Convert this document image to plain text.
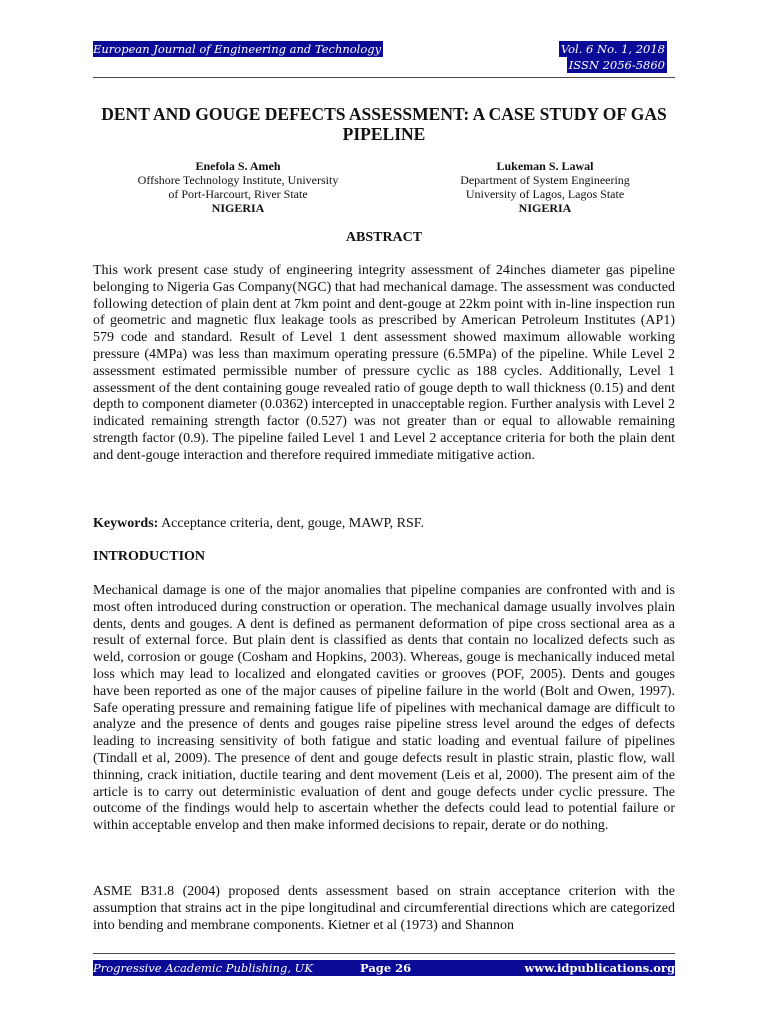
European Journal of Engineering and Technology	Vol. 6 No. 1, 2018
ISSN 2056-5860
DENT AND GOUGE DEFECTS ASSESSMENT: A CASE STUDY OF GAS PIPELINE
Enefola S. Ameh
Offshore Technology Institute, University
of Port-Harcourt, River State
NIGERIA
Lukeman S. Lawal
Department of System Engineering
University of Lagos, Lagos State
NIGERIA
ABSTRACT
This work present case study of engineering integrity assessment of 24inches diameter gas pipeline belonging to Nigeria Gas Company(NGC) that had mechanical damage. The assessment was conducted following detection of plain dent at 7km point and dent-gouge at 22km point with in-line inspection run of geometric and magnetic flux leakage tools as prescribed by American Petroleum Institutes (AP1) 579 code and standard. Result of Level 1 dent assessment showed maximum allowable working pressure (4MPa) was less than maximum operating pressure (6.5MPa) of the pipeline. While Level 2 assessment estimated permissible number of pressure cyclic as 188 cycles. Additionally, Level 1 assessment of the dent containing gouge revealed ratio of gouge depth to wall thickness (0.15) and dent depth to component diameter (0.0362) intercepted in unacceptable region. Further analysis with Level 2 indicated remaining strength factor (0.527) was not greater than or equal to allowable remaining strength factor (0.9). The pipeline failed Level 1 and Level 2 acceptance criteria for both the plain dent and dent-gouge interaction and therefore required immediate mitigative action.
Keywords: Acceptance criteria, dent, gouge, MAWP, RSF.
INTRODUCTION
Mechanical damage is one of the major anomalies that pipeline companies are confronted with and is most often introduced during construction or operation. The mechanical damage usually involves plain dents, dents and gouges. A dent is defined as permanent deformation of pipe cross sectional area as a result of external force. But plain dent is classified as dents that contain no localized defects such as weld, corrosion or gouge (Cosham and Hopkins, 2003). Whereas, gouge is mechanically induced metal loss which may lead to localized and elongated cavities or grooves (POF, 2005). Dents and gouges have been reported as one of the major causes of pipeline failure in the world (Bolt and Owen, 1997). Safe operating pressure and remaining fatigue life of pipelines with mechanical damage are difficult to analyze and the presence of dents and gouges raise pipeline stress level around the edges of defects leading to increasing sensitivity of both fatigue and static loading and eventual failure of pipelines (Tindall et al, 2009). The presence of dent and gouge defects result in plastic strain, plastic flow, wall thinning, crack initiation, ductile tearing and dent movement (Leis et al, 2000). The present aim of the article is to carry out deterministic evaluation of dent and gouge defects under cyclic pressure. The outcome of the findings would help to ascertain whether the defects could lead to potential failure or within acceptable envelop and then make informed decisions to repair, derate or do nothing.
ASME B31.8 (2004) proposed dents assessment based on strain acceptance criterion with the assumption that strains act in the pipe longitudinal and circumferential directions which are categorized into bending and membrane components. Kietner et al (1973) and Shannon
Progressive Academic Publishing, UK	Page 26	www.idpublications.org
